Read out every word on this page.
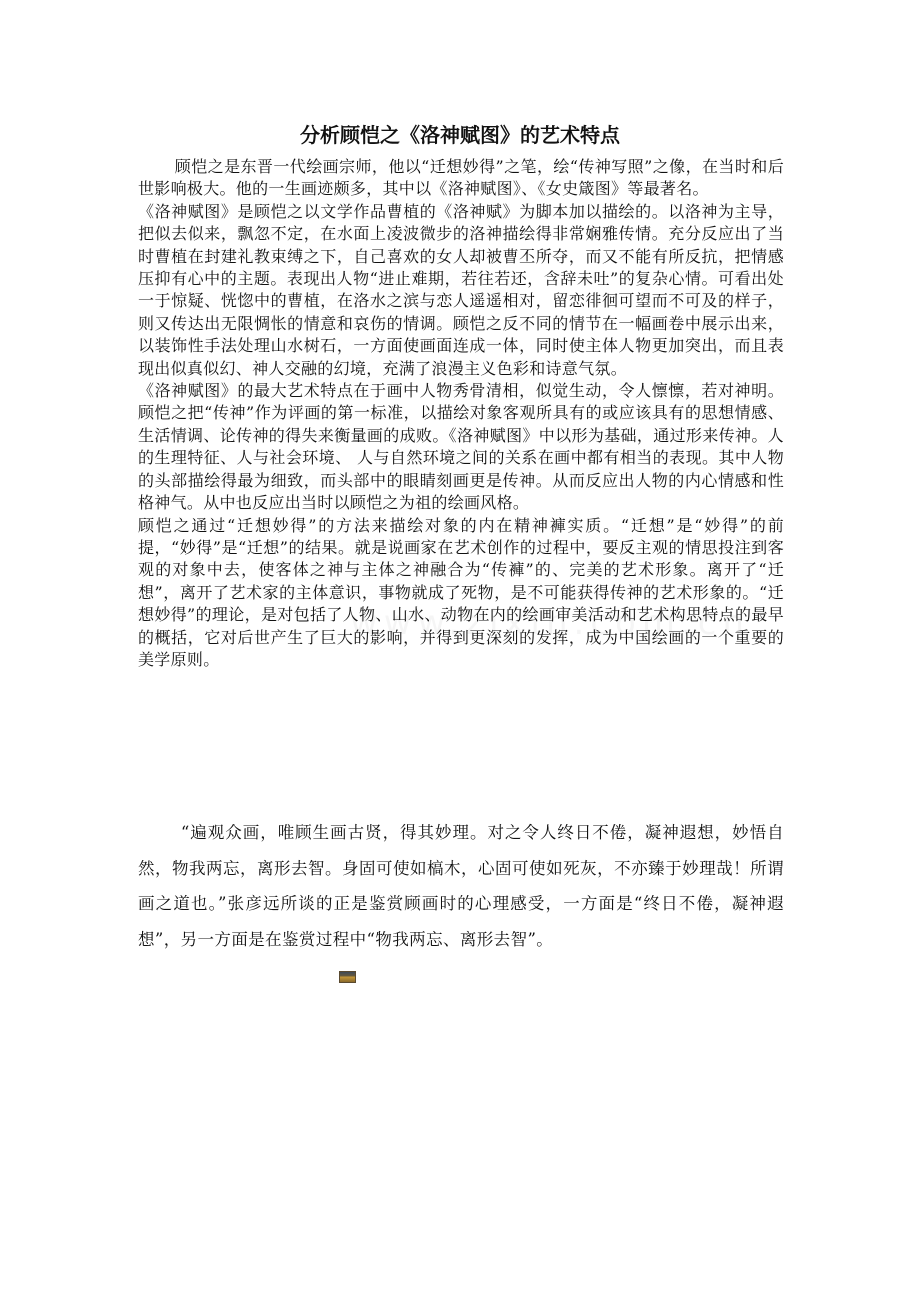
分析顾恺之《洛神赋图》的艺术特点

顾恺之是东晋一代绘画宗师，他以“迁想妙得”之笔，绘“传神写照”之像，在当时和后世影响极大。他的一生画迹颇多，其中以《洛神赋图》、《女史箴图》等最著名。

《洛神赋图》是顾恺之以文学作品曹植的《洛神赋》为脚本加以描绘的。以洛神为主导，把似去似来，飘忽不定，在水面上凌波微步的洛神描绘得非常娴雅传情。充分反应出了当时曹植在封建礼教束缚之下，自己喜欢的女人却被曹丕所夺，而又不能有所反抗，把情感压抑有心中的主题。表现出人物“进止难期，若往若还，含辞未吐”的复杂心情。可看出处一于惊疑、恍惚中的曹植，在洛水之滨与恋人遥遥相对，留恋徘徊可望而不可及的样子，则又传达出无限惆怅的情意和哀伤的情调。顾恺之反不同的情节在一幅画卷中展示出来，以装饰性手法处理山水树石，一方面使画面连成一体，同时使主体人物更加突出，而且表现出似真似幻、神人交融的幻境，充满了浪漫主义色彩和诗意气氛。

《洛神赋图》的最大艺术特点在于画中人物秀骨清相，似觉生动，令人懔懔，若对神明。顾恺之把“传神”作为评画的第一标准，以描绘对象客观所具有的或应该具有的思想情感、生活情调、论传神的得失来衡量画的成败。《洛神赋图》中以形为基础，通过形来传神。人的生理特征、人与社会环境、 人与自然环境之间的关系在画中都有相当的表现。其中人物的头部描绘得最为细致，而头部中的眼睛刻画更是传神。从而反应出人物的内心情感和性格神气。从中也反应出当时以顾恺之为祖的绘画风格。

顾恺之通过“迁想妙得”的方法来描绘对象的内在精神褲实质。“迁想”是“妙得”的前提，“妙得”是“迁想”的结果。就是说画家在艺术创作的过程中，要反主观的情思投注到客观的对象中去，使客体之神与主体之神融合为“传褲”的、完美的艺术形象。离开了“迁想”，离开了艺术家的主体意识，事物就成了死物，是不可能获得传神的艺术形象的。“迁想妙得”的理论，是对包括了人物、山水、动物在内的绘画审美活动和艺术构思特点的最早的概括，它对后世产生了巨大的影响，并得到更深刻的发挥，成为中国绘画的一个重要的美学原则。

“遍观众画，唯顾生画古贤，得其妙理。对之令人终日不倦，凝神遐想，妙悟自然，物我两忘，离形去智。身固可使如槁木，心固可使如死灰，不亦臻于妙理哉！所谓画之道也。”张彦远所谈的正是鉴赏顾画时的心理感受，一方面是“终日不倦，凝神遐想”，另一方面是在鉴赏过程中“物我两忘、离形去智”。
